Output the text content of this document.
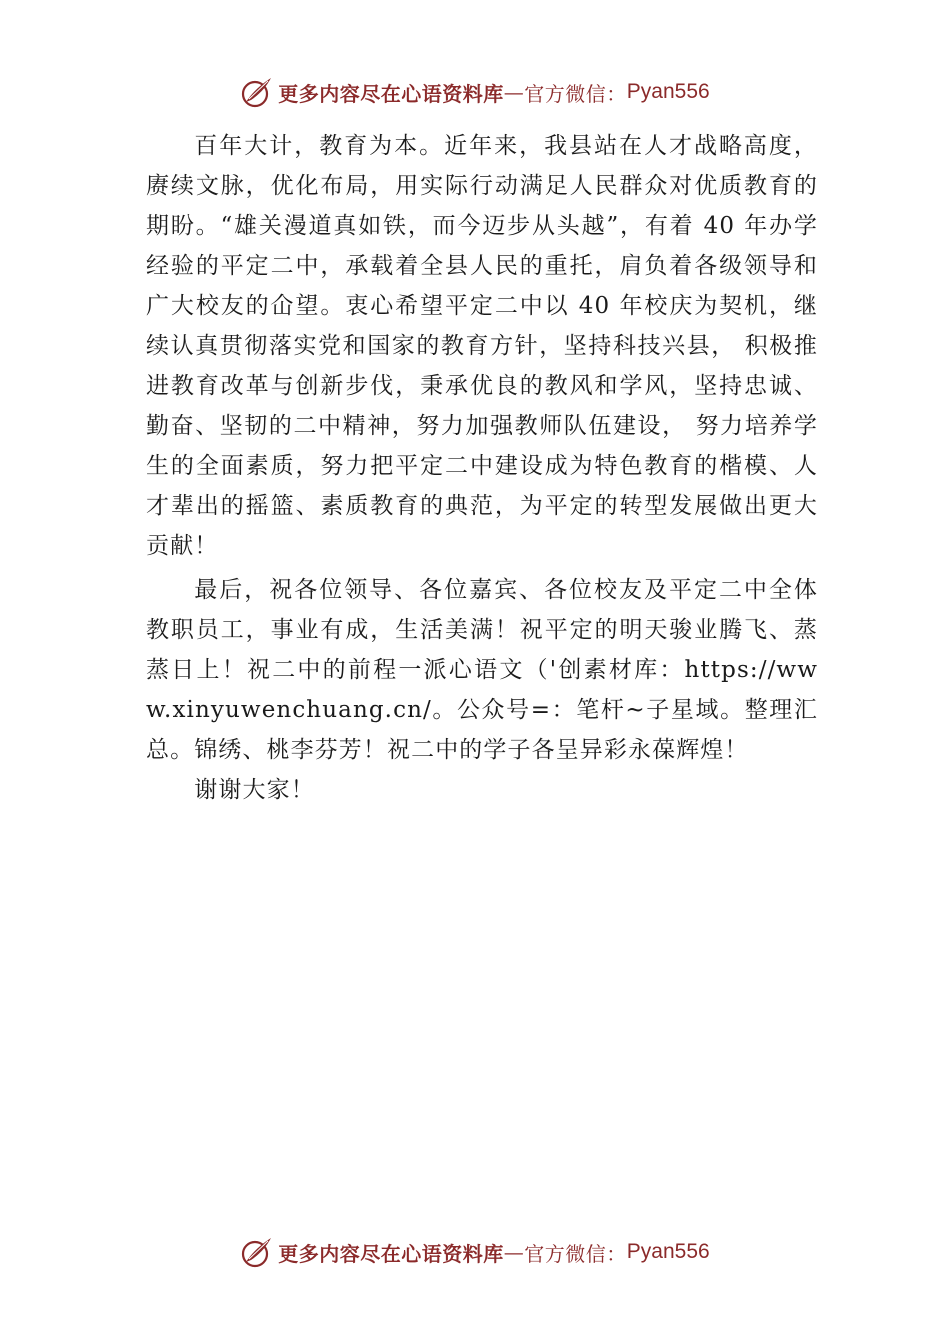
更多内容尽在心语资料库 — 官方微信： Pyan556

百年大计，教育为本。近年来，我县站在人才战略高度，赓续文脉，优化布局，用实际行动满足人民群众对优质教育的期盼。“雄关漫道真如铁，而今迈步从头越”，有着 40 年办学经验的平定二中，承载着全县人民的重托，肩负着各级领导和广大校友的仚望。衷心希望平定二中以 40 年校庆为契机，继续认真贯彻落实党和国家的教育方针，坚持科技兴县， 积极推进教育改革与创新步伐，秉承优良的教风和学风，坚持忠诚、勤奋、坚韧的二中精神，努力加强教师队伍建设， 努力培养学生的全面素质，努力把平定二中建设成为特色教育的楷模、人才辈出的摇篮、素质教育的典范，为平定的转型发展做出更大贡献！

最后，祝各位领导、各位嘉宾、各位校友及平定二中全体教职员工，事业有成，生活美满！祝平定的明天骏业腾飞、蒸蒸日上！祝二中的前程一派心语文（'创素材库：https://www.xinyuwenchuang.cn/。公众号=：笔杆~子星域。整理汇总。锦绣、桃李芬芳！祝二中的学子各呈异彩永葆辉煌！

谢谢大家！

更多内容尽在心语资料库 — 官方微信： Pyan556
